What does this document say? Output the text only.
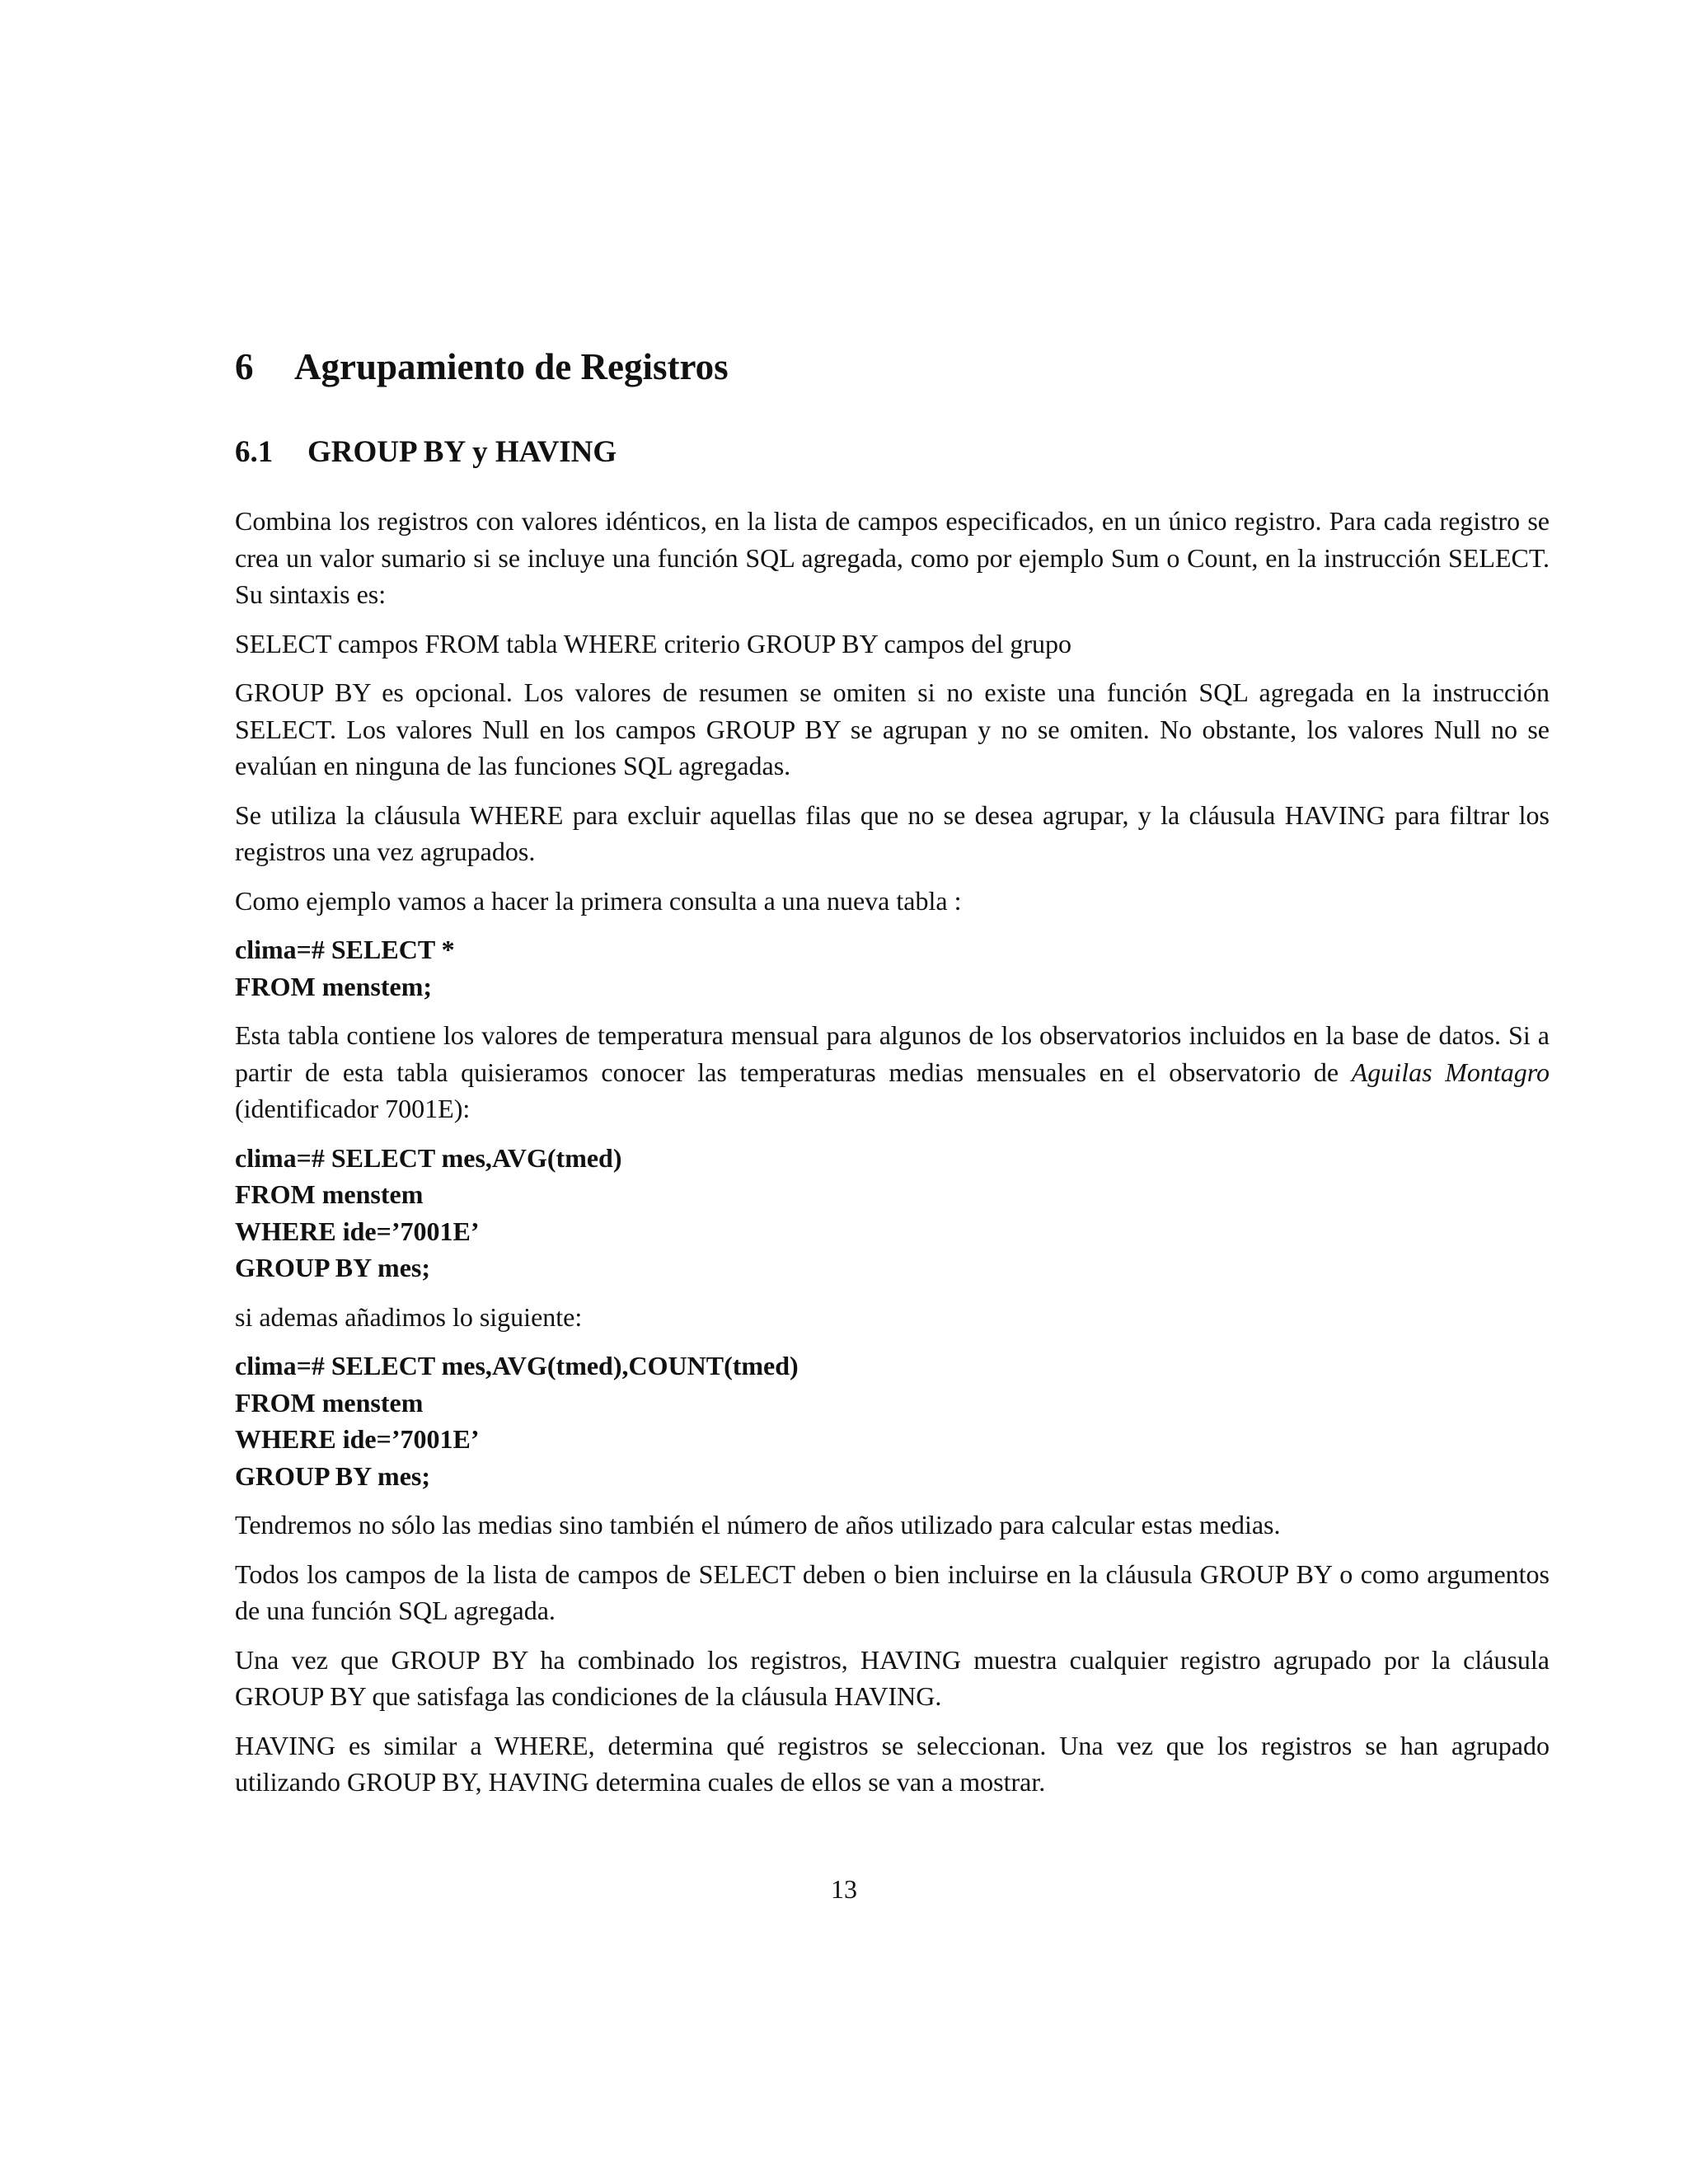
6 Agrupamiento de Registros
6.1 GROUP BY y HAVING

Combina los registros con valores idénticos, en la lista de campos especificados, en un único registro. Para cada registro se crea un valor sumario si se incluye una función SQL agregada, como por ejemplo Sum o Count, en la instrucción SELECT. Su sintaxis es:

SELECT campos FROM tabla WHERE criterio GROUP BY campos del grupo

GROUP BY es opcional. Los valores de resumen se omiten si no existe una función SQL agregada en la instrucción SELECT. Los valores Null en los campos GROUP BY se agrupan y no se omiten. No obstante, los valores Null no se evalúan en ninguna de las funciones SQL agregadas.

Se utiliza la cláusula WHERE para excluir aquellas filas que no se desea agrupar, y la cláusula HAVING para filtrar los registros una vez agrupados.

Como ejemplo vamos a hacer la primera consulta a una nueva tabla :

clima=# SELECT *
FROM menstem;

Esta tabla contiene los valores de temperatura mensual para algunos de los observatorios incluidos en la base de datos. Si a partir de esta tabla quisieramos conocer las temperaturas medias mensuales en el observatorio de Aguilas Montagro (identificador 7001E):

clima=# SELECT mes,AVG(tmed)
FROM menstem
WHERE ide=’7001E’
GROUP BY mes;

si ademas añadimos lo siguiente:

clima=# SELECT mes,AVG(tmed),COUNT(tmed)
FROM menstem
WHERE ide=’7001E’
GROUP BY mes;

Tendremos no sólo las medias sino también el número de años utilizado para calcular estas medias.

Todos los campos de la lista de campos de SELECT deben o bien incluirse en la cláusula GROUP BY o como argumentos de una función SQL agregada.

Una vez que GROUP BY ha combinado los registros, HAVING muestra cualquier registro agrupado por la cláusula GROUP BY que satisfaga las condiciones de la cláusula HAVING.

HAVING es similar a WHERE, determina qué registros se seleccionan. Una vez que los registros se han agrupado utilizando GROUP BY, HAVING determina cuales de ellos se van a mostrar.

13
